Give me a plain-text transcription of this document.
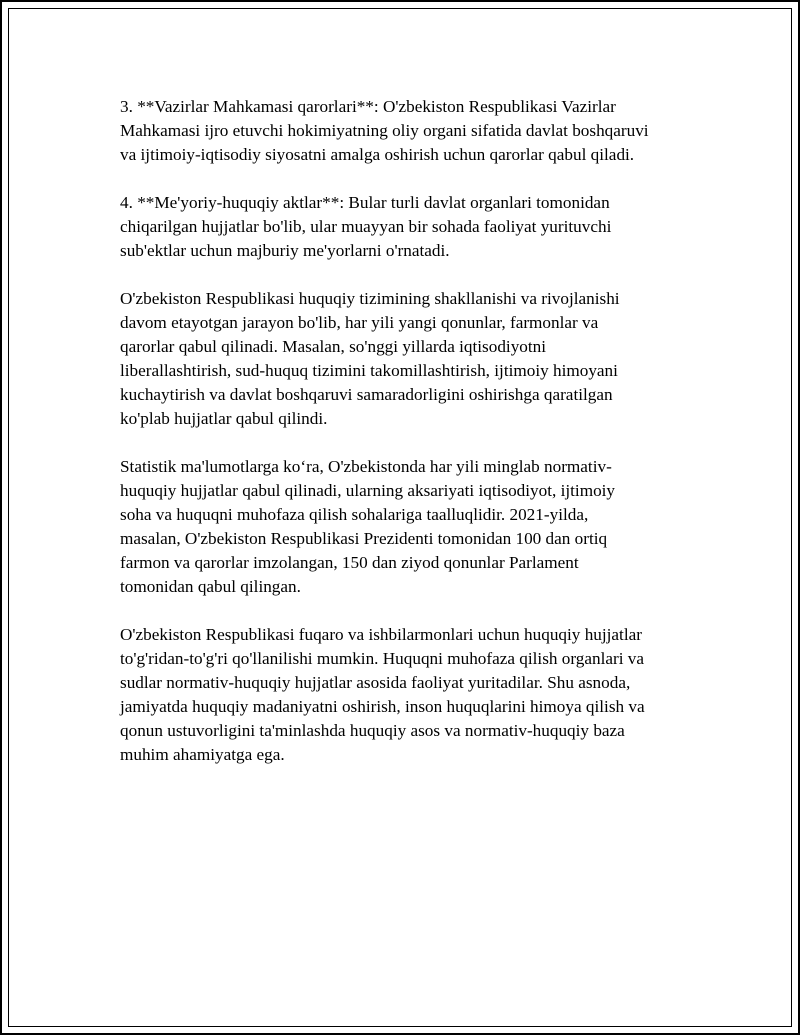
3. **Vazirlar Mahkamasi qarorlari**: O'zbekiston Respublikasi Vazirlar
Mahkamasi ijro etuvchi hokimiyatning oliy organi sifatida davlat boshqaruvi
va ijtimoiy-iqtisodiy siyosatni amalga oshirish uchun qarorlar qabul qiladi.

4. **Me'yoriy-huquqiy aktlar**: Bular turli davlat organlari tomonidan
chiqarilgan hujjatlar bo'lib, ular muayyan bir sohada faoliyat yurituvchi
sub'ektlar uchun majburiy me'yorlarni o'rnatadi.

O'zbekiston Respublikasi huquqiy tizimining shakllanishi va rivojlanishi
davom etayotgan jarayon bo'lib, har yili yangi qonunlar, farmonlar va
qarorlar qabul qilinadi. Masalan, so'nggi yillarda iqtisodiyotni
liberallashtirish, sud-huquq tizimini takomillashtirish, ijtimoiy himoyani
kuchaytirish va davlat boshqaruvi samaradorligini oshirishga qaratilgan
ko'plab hujjatlar qabul qilindi.

Statistik ma'lumotlarga ko‘ra, O'zbekistonda har yili minglab normativ-
huquqiy hujjatlar qabul qilinadi, ularning aksariyati iqtisodiyot, ijtimoiy
soha va huquqni muhofaza qilish sohalariga taalluqlidir. 2021-yilda,
masalan, O'zbekiston Respublikasi Prezidenti tomonidan 100 dan ortiq
farmon va qarorlar imzolangan, 150 dan ziyod qonunlar Parlament
tomonidan qabul qilingan.

O'zbekiston Respublikasi fuqaro va ishbilarmonlari uchun huquqiy hujjatlar
to'g'ridan-to'g'ri qo'llanilishi mumkin. Huquqni muhofaza qilish organlari va
sudlar normativ-huquqiy hujjatlar asosida faoliyat yuritadilar. Shu asnoda,
jamiyatda huquqiy madaniyatni oshirish, inson huquqlarini himoya qilish va
qonun ustuvorligini ta'minlashda huquqiy asos va normativ-huquqiy baza
muhim ahamiyatga ega.
